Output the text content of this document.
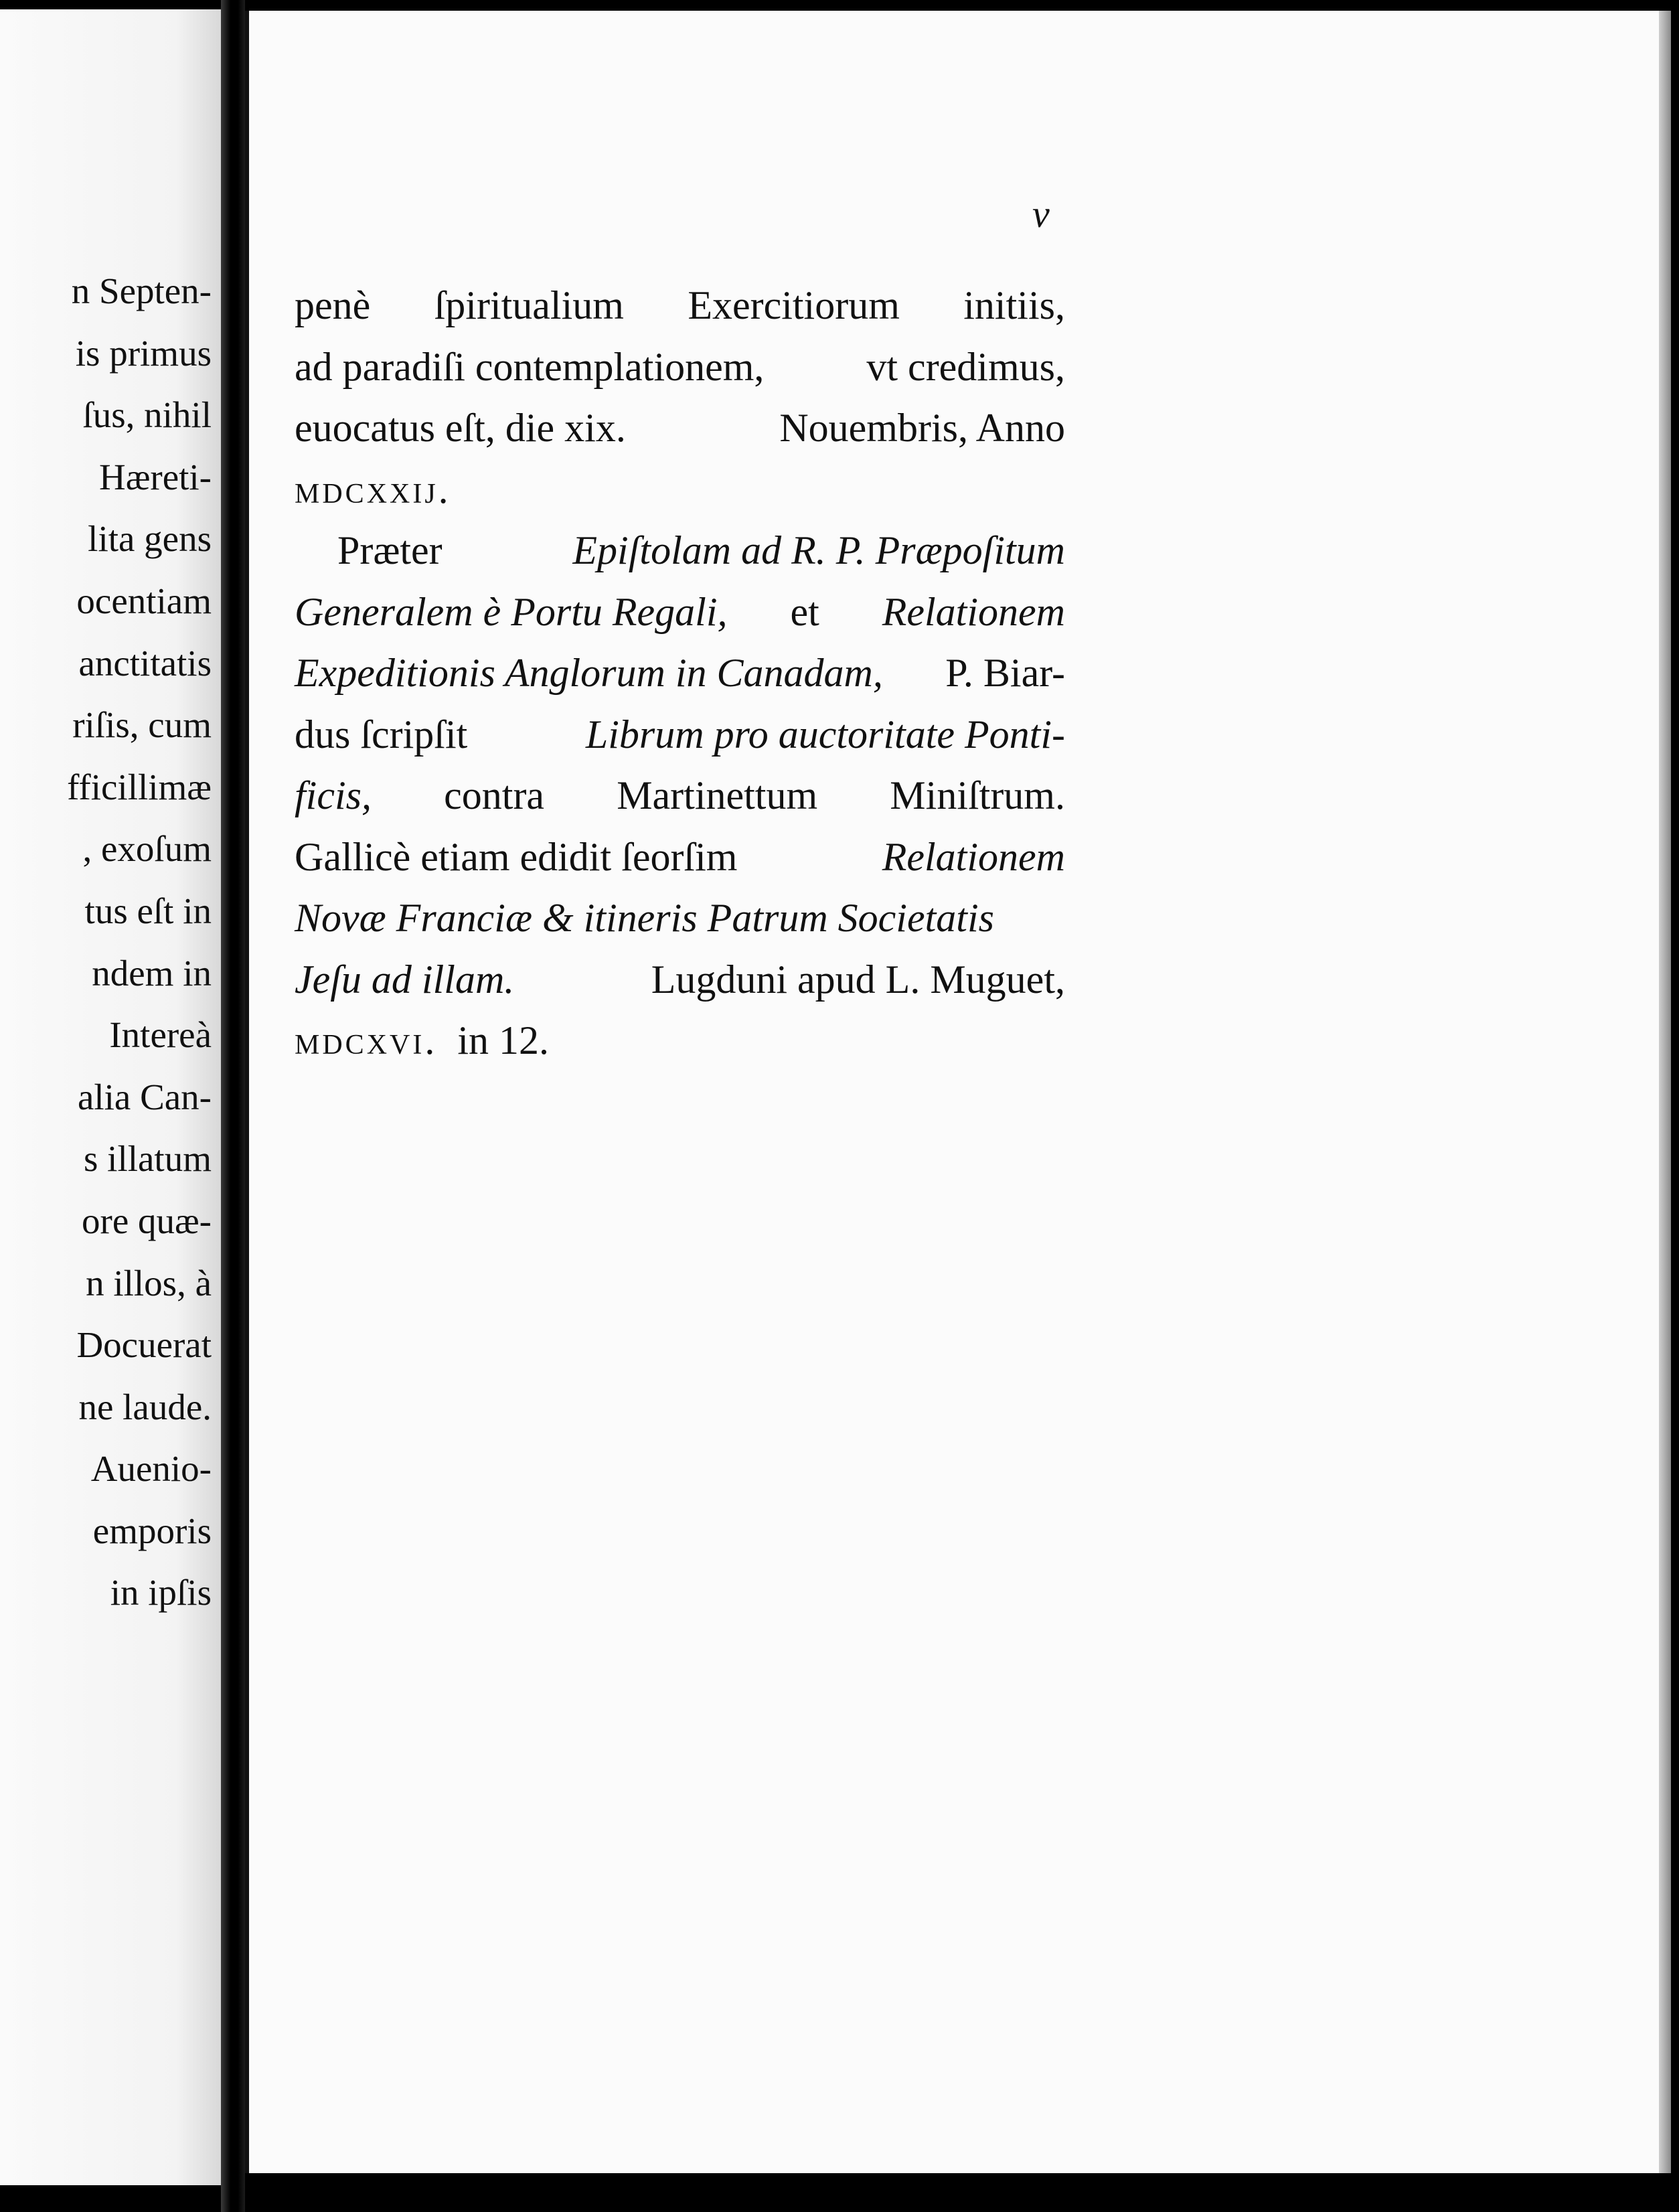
n Septen-
is primus
ſus, nihil
Hæreti-
lita gens
ocentiam
anctitatis
riſis, cum
fficillimæ
, exoſum
tus eſt in
ndem in
Intereà
alia Can-
s illatum
ore quæ-
n illos, à
Docuerat
ne laude.
Auenio-
emporis
in ipſis
v
penè ſpiritualium Exercitiorum initiis,
ad paradiſi contemplationem,	vt credimus,
euocatus eſt, die xix.	Nouembris, Anno
mdcxxij.
Præter	Epiſtolam ad R. P. Præpoſitum
Generalem è Portu Regali, et Relationem
Expeditionis Anglorum in Canadam, P. Biar-
dus ſcripſit	Librum pro auctoritate Ponti-
ficis, contra Martinettum Miniſtrum.
Gallicè etiam edidit ſeorſim	Relationem
Novæ Franciæ & itineris Patrum Societatis
Jeſu ad illam.	Lugduni apud L. Muguet,
mdcxvi. in 12.
